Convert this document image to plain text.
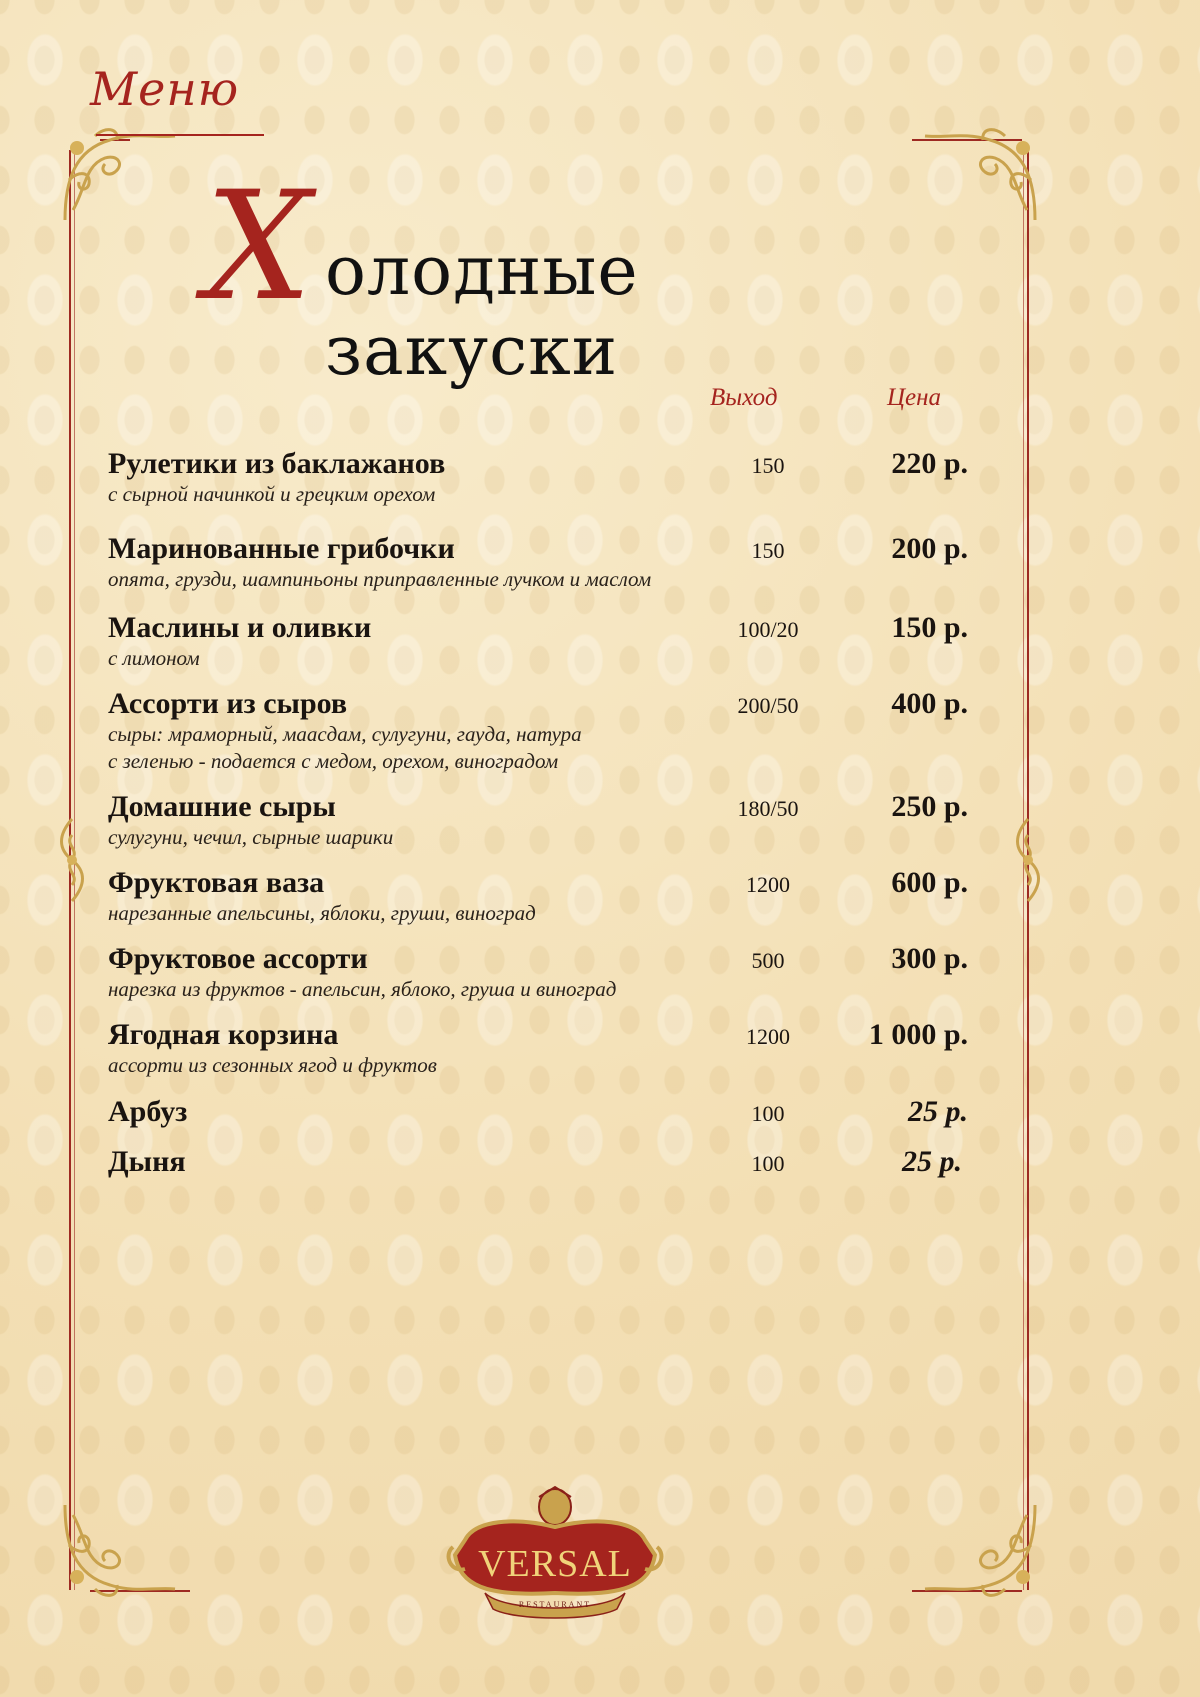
Меню
Х олодные закуски
Выход	Цена
Рулетики из баклажанов
с сырной начинкой и грецким орехом
150	220 р.
Маринованные грибочки
опята, грузди, шампиньоны приправленные лучком и маслом
150	200 р.
Маслины и оливки
с лимоном
100/20	150 р.
Ассорти из сыров
сыры: мраморный, маасдам, сулугуни, гауда, натура
с зеленью - подается с медом, орехом, виноградом
200/50	400 р.
Домашние сыры
сулугуни, чечил, сырные шарики
180/50	250 р.
Фруктовая ваза
нарезанные апельсины, яблоки, груши, виноград
1200	600 р.
Фруктовое ассорти
нарезка из фруктов - апельсин, яблоко, груша и виноград
500	300 р.
Ягодная корзина
ассорти из сезонных ягод и фруктов
1200	1 000 р.
Арбуз	100	25 р.
Дыня	100	25 р.
VERSAL
RESTAURANT
